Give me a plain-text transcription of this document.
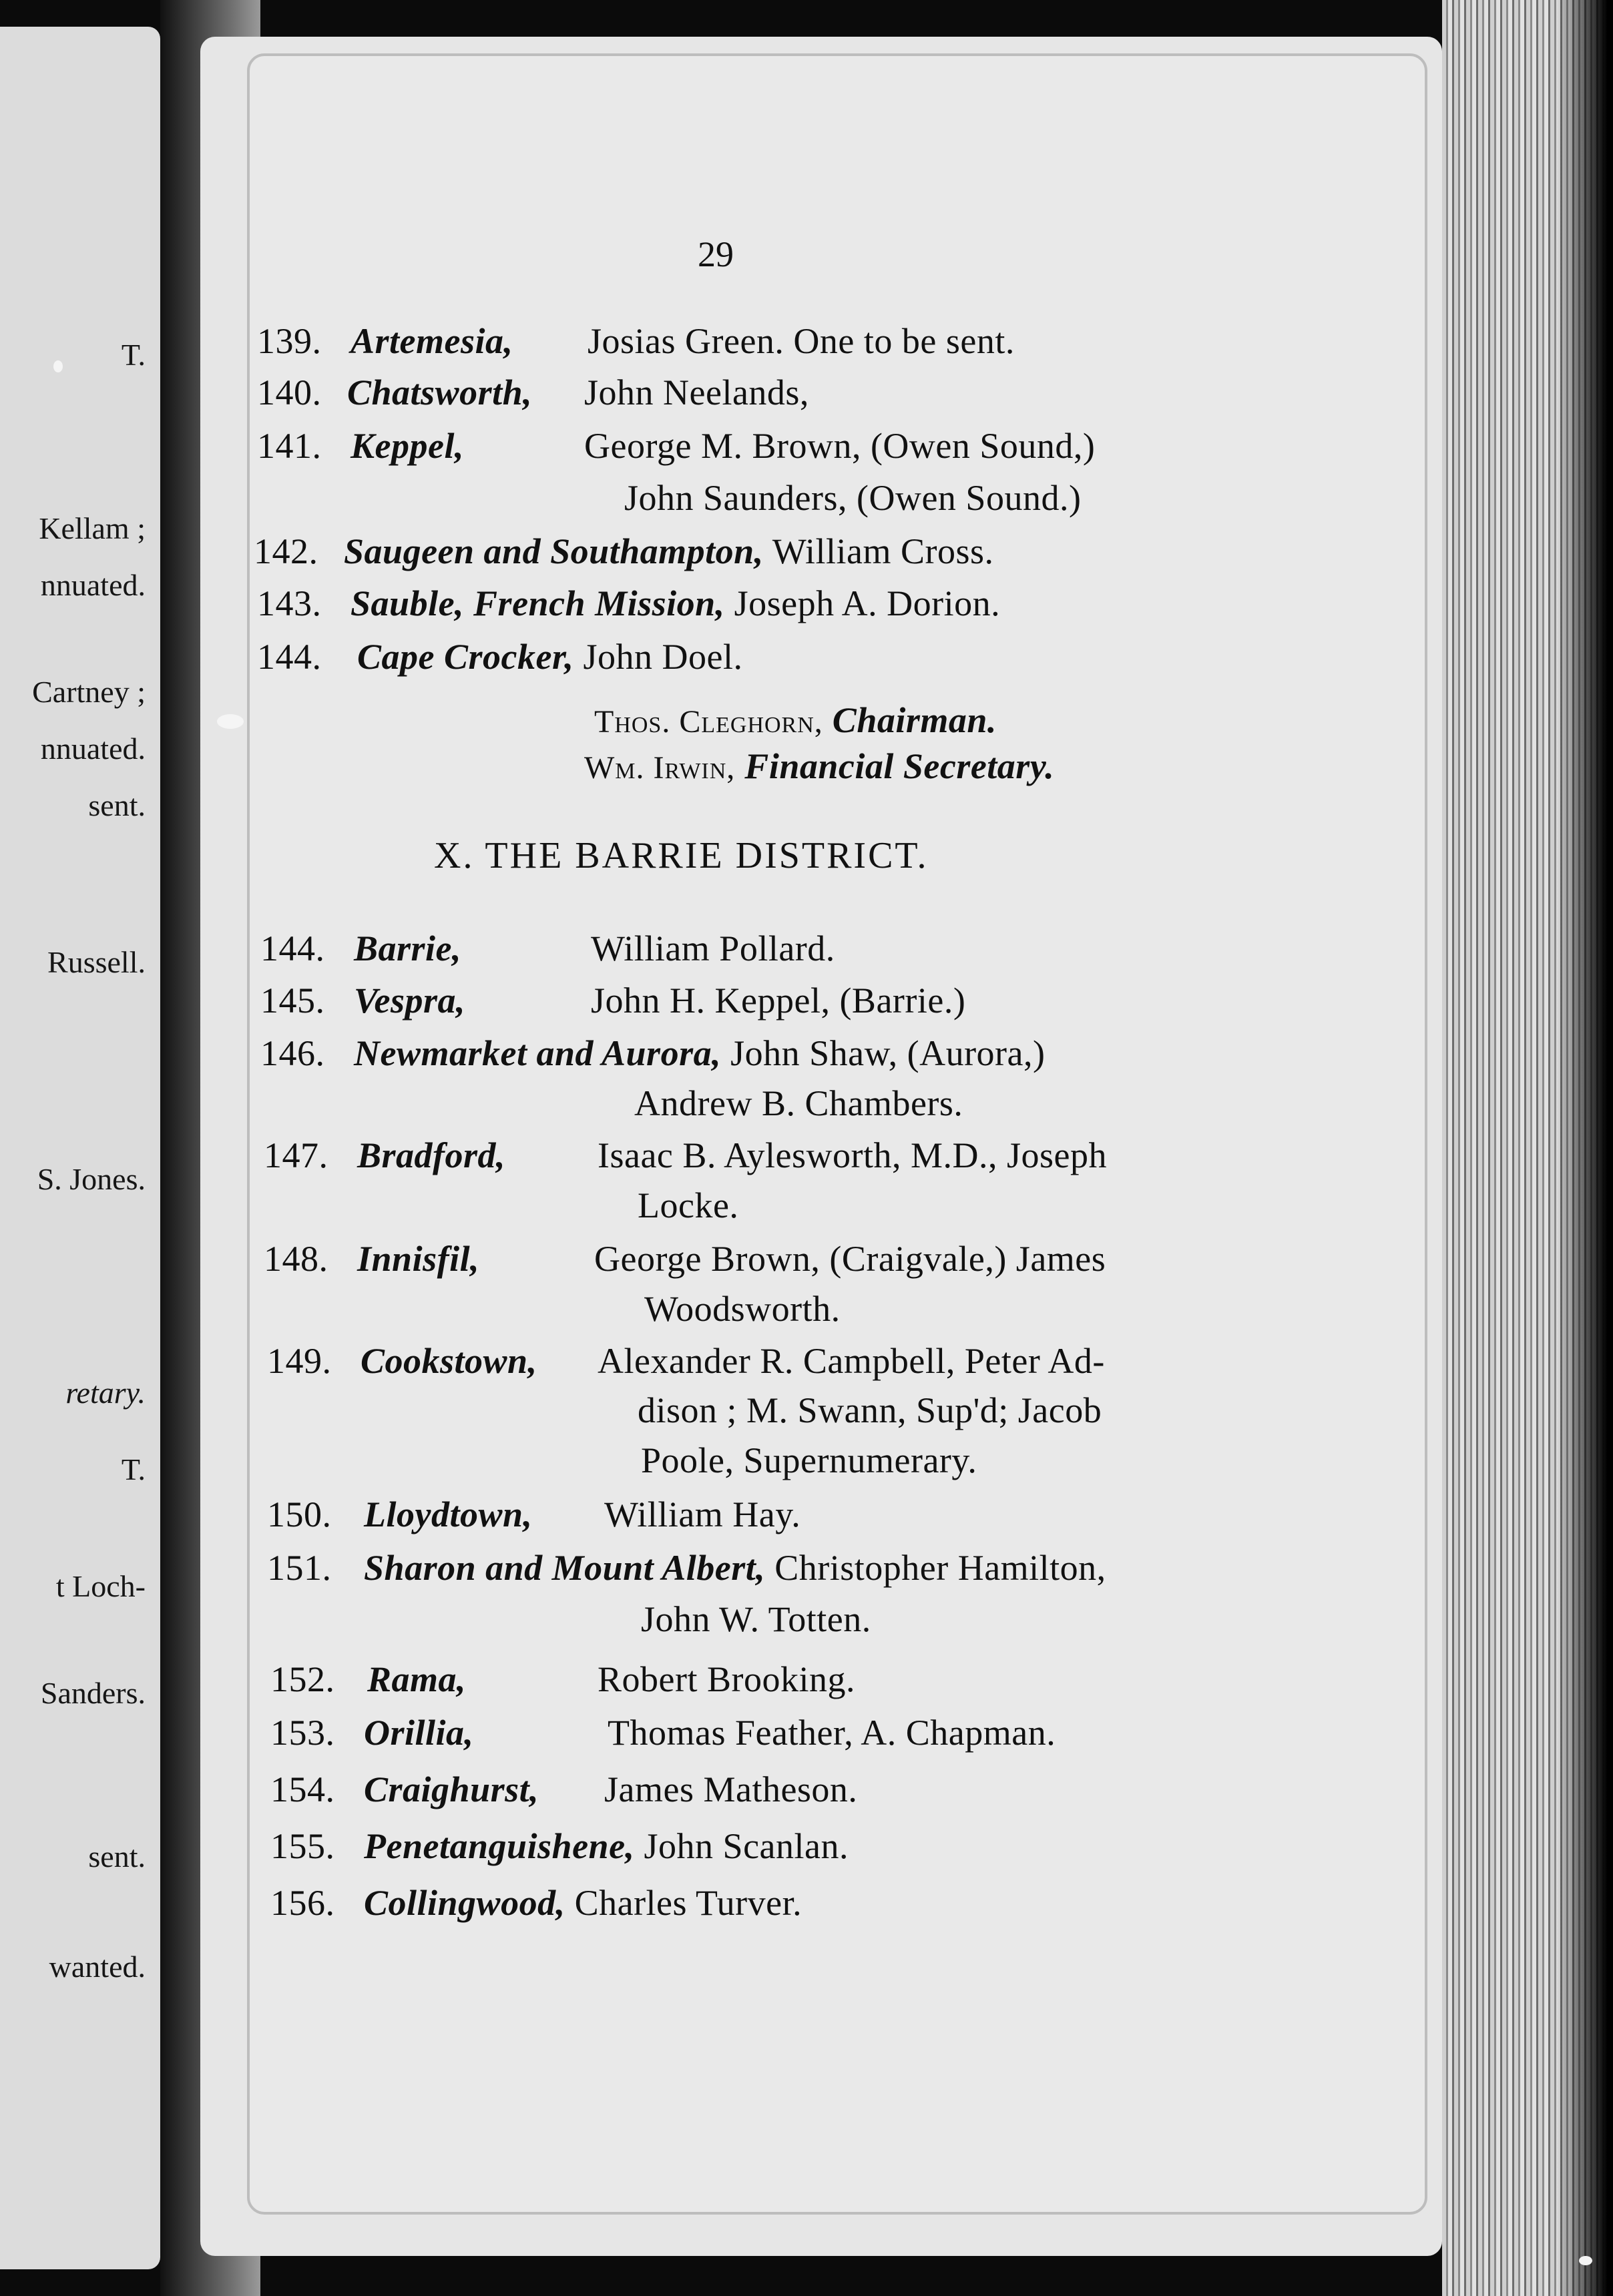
T.
Kellam ;
nnuated.
Cartney ;
nnuated.
sent.
Russell.
S. Jones.
retary.
T.
t Loch-
Sanders.
sent.
wanted.
29
139. Artemesia, Josias Green. One to be sent.
140. Chatsworth, John Neelands,
141. Keppel,	George M. Brown, (Owen Sound,)
John Saunders, (Owen Sound.)
142. Saugeen and Southampton, William Cross.
143. Sauble, French Mission, Joseph A. Dorion.
144. Cape Crocker, John Doel.
Thos. Cleghorn, Chairman.
Wm. Irwin, Financial Secretary.
X. THE BARRIE DISTRICT.
144. Barrie,	William Pollard.
145. Vespra,	John H. Keppel, (Barrie.)
146. Newmarket and Aurora, John Shaw, (Aurora,)
Andrew B. Chambers.
147. Bradford,	Isaac B. Aylesworth, M.D., Joseph
Locke.
148. Innisfil,	George Brown, (Craigvale,) James
Woodsworth.
149. Cookstown, Alexander R. Campbell, Peter Ad-
dison ; M. Swann, Sup'd; Jacob
Poole, Supernumerary.
150. Lloydtown, William Hay.
151. Sharon and Mount Albert, Christopher Hamilton,
John W. Totten.
152. Rama,	Robert Brooking.
153. Orillia,	Thomas Feather, A. Chapman.
154. Craighurst, James Matheson.
155. Penetanguishene, John Scanlan.
156. Collingwood, Charles Turver.
